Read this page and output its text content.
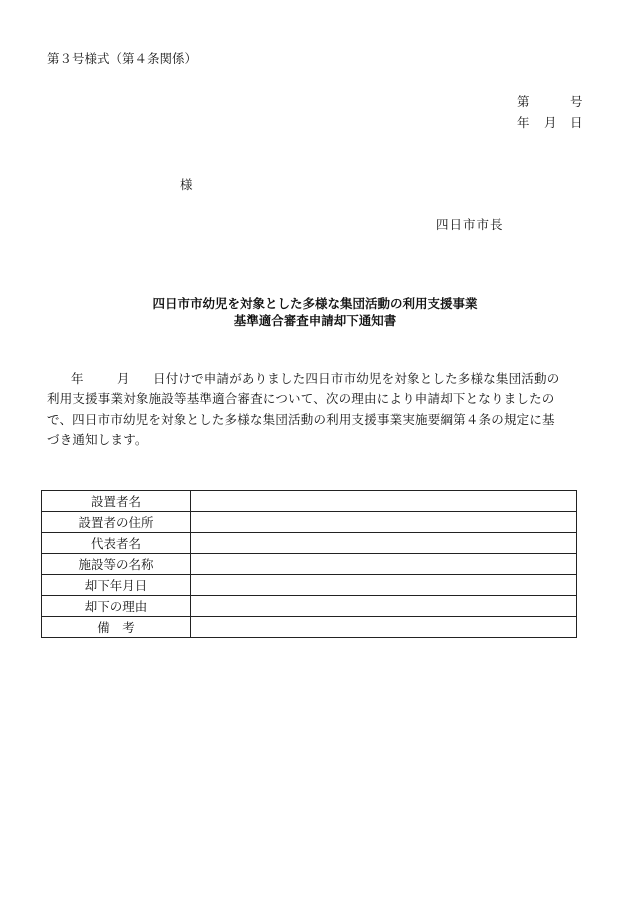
第３号様式（第４条関係）
第	号
年 月 日
様
四日市市長
四日市市幼児を対象とした多様な集団活動の利用支援事業
基準適合審査申請却下通知書
年	月 日付けで申請がありました四日市市幼児を対象とした多様な集団活動の
利用支援事業対象施設等基準適合審査について、次の理由により申請却下となりましたの
で、四日市市幼児を対象とした多様な集団活動の利用支援事業実施要綱第４条の規定に基
づき通知します。
設置者名	
設置者の住所	
代表者名	
施設等の名称	
却下年月日	
却下の理由	
備　考	
